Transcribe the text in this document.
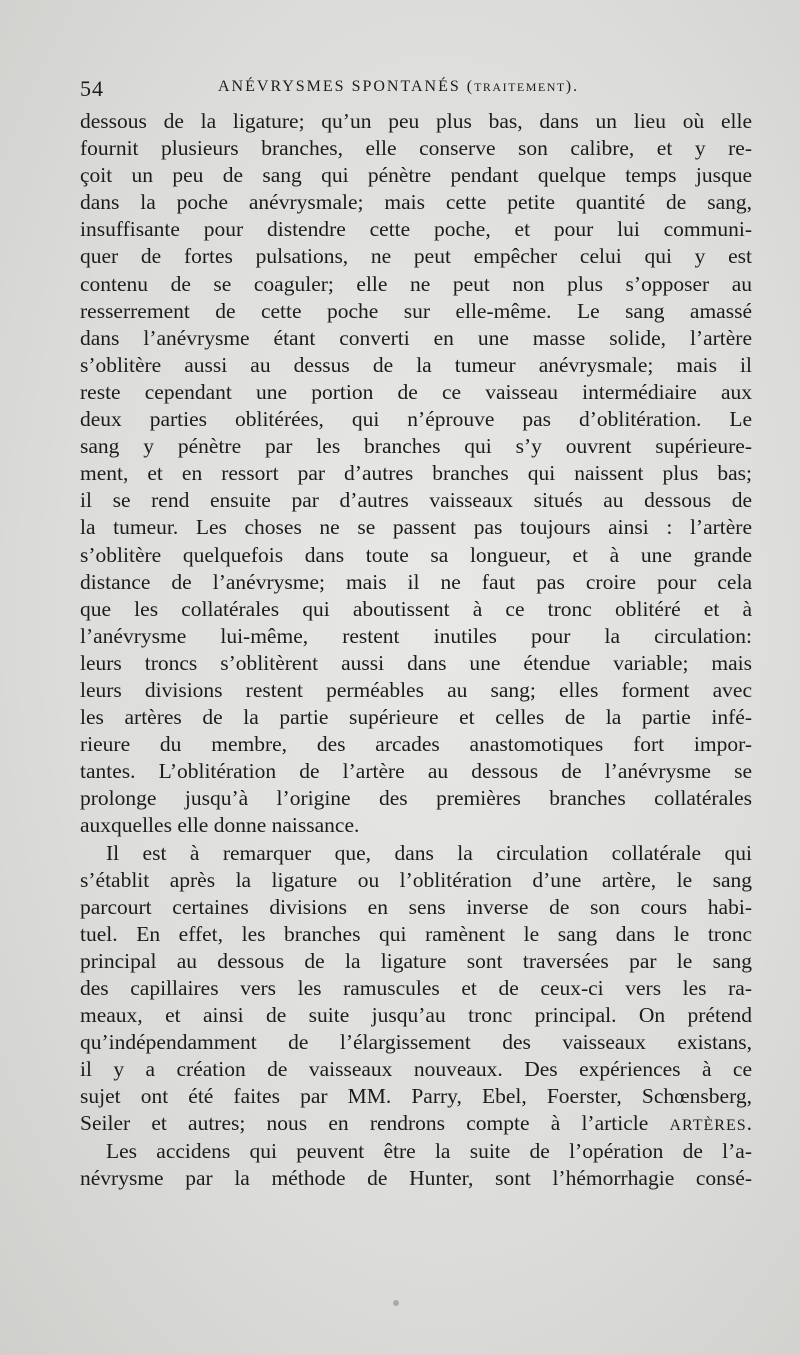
54	ANÉVRYSMES SPONTANÉS (TRAITEMENT).
dessous de la ligature; qu’un peu plus bas, dans un lieu où elle
fournit plusieurs branches, elle conserve son calibre, et y re-
çoit un peu de sang qui pénètre pendant quelque temps jusque
dans la poche anévrysmale; mais cette petite quantité de sang,
insuffisante pour distendre cette poche, et pour lui communi-
quer de fortes pulsations, ne peut empêcher celui qui y est
contenu de se coaguler; elle ne peut non plus s’opposer au
resserrement de cette poche sur elle-même. Le sang amassé
dans l’anévrysme étant converti en une masse solide, l’artère
s’oblitère aussi au dessus de la tumeur anévrysmale; mais il
reste cependant une portion de ce vaisseau intermédiaire aux
deux parties oblitérées, qui n’éprouve pas d’oblitération. Le
sang y pénètre par les branches qui s’y ouvrent supérieure-
ment, et en ressort par d’autres branches qui naissent plus bas;
il se rend ensuite par d’autres vaisseaux situés au dessous de
la tumeur. Les choses ne se passent pas toujours ainsi : l’artère
s’oblitère quelquefois dans toute sa longueur, et à une grande
distance de l’anévrysme; mais il ne faut pas croire pour cela
que les collatérales qui aboutissent à ce tronc oblitéré et à
l’anévrysme lui-même, restent inutiles pour la circulation:
leurs troncs s’oblitèrent aussi dans une étendue variable; mais
leurs divisions restent perméables au sang; elles forment avec
les artères de la partie supérieure et celles de la partie infé-
rieure du membre, des arcades anastomotiques fort impor-
tantes. L’oblitération de l’artère au dessous de l’anévrysme se
prolonge jusqu’à l’origine des premières branches collatérales
auxquelles elle donne naissance.
Il est à remarquer que, dans la circulation collatérale qui
s’établit après la ligature ou l’oblitération d’une artère, le sang
parcourt certaines divisions en sens inverse de son cours habi-
tuel. En effet, les branches qui ramènent le sang dans le tronc
principal au dessous de la ligature sont traversées par le sang
des capillaires vers les ramuscules et de ceux-ci vers les ra-
meaux, et ainsi de suite jusqu’au tronc principal. On prétend
qu’indépendamment de l’élargissement des vaisseaux existans,
il y a création de vaisseaux nouveaux. Des expériences à ce
sujet ont été faites par MM. Parry, Ebel, Foerster, Schœnsberg,
Seiler et autres; nous en rendrons compte à l’article ARTÈRES.
Les accidens qui peuvent être la suite de l’opération de l’a-
névrysme par la méthode de Hunter, sont l’hémorrhagie consé-
